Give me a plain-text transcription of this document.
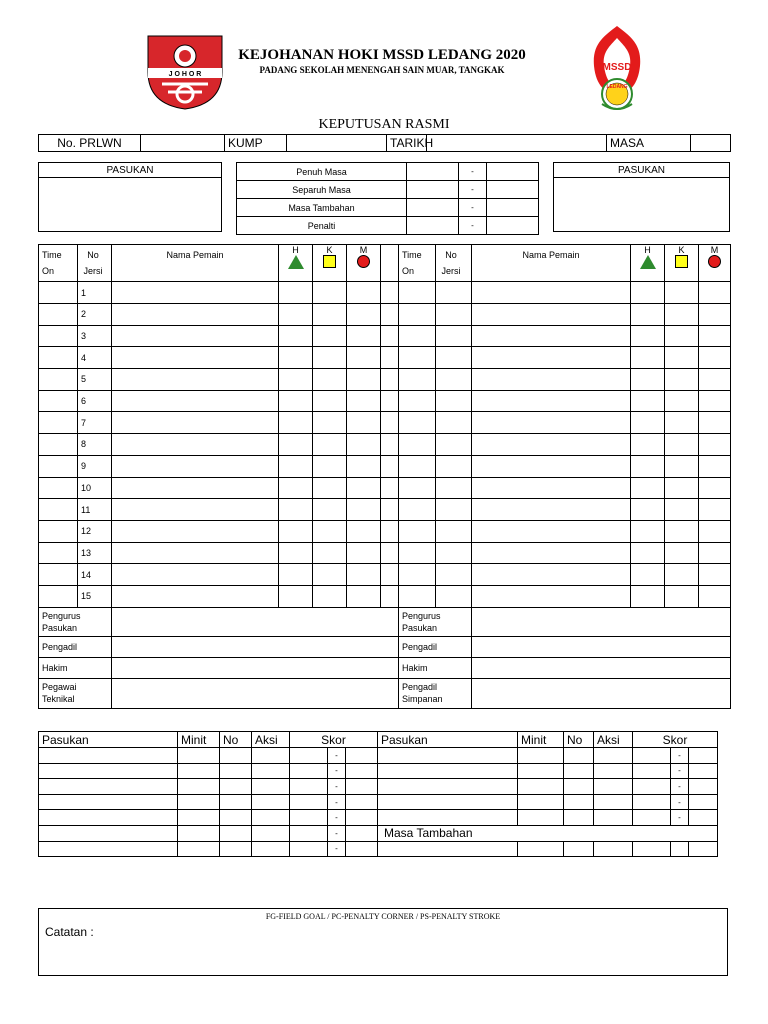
J O H O R
MSSD
LEDANG
KEJOHANAN HOKI MSSD LEDANG 2020
PADANG SEKOLAH MENENGAH SAIN MUAR, TANGKAK
KEPUTUSAN RASMI
No. PRLWN		KUMP		TARIKH		MASA	
PASUKAN	PASUKAN

Penuh Masa		-	
Separuh Masa		-	
Masa Tambahan		-	
Penalti		-	
Time On	No Jersi	Nama Pemain	H	K	M		Time On	No Jersi	Nama Pemain	H	K	M

	1											
	2											
	3											
	4											
	5											
	6											
	7											
	8											
	9											
	10											
	11											
	12											
	13											
	14											
	15											
Pengurus Pasukan							Pengurus Pasukan					
Pengadil							Pengadil					
Hakim							Hakim					
Pegawai Teknikal							Pengadil Simpanan					
Pasukan	Minit	No	Aksi	Skor			Pasukan	Minit	No	Aksi	Skor		
					-							-	
					-							-	
					-							-	
					-							-	
					-							-	
					-		Masa Tambahan						
					-								
FG-FIELD GOAL / PC-PENALTY CORNER / PS-PENALTY STROKE
Catatan :
